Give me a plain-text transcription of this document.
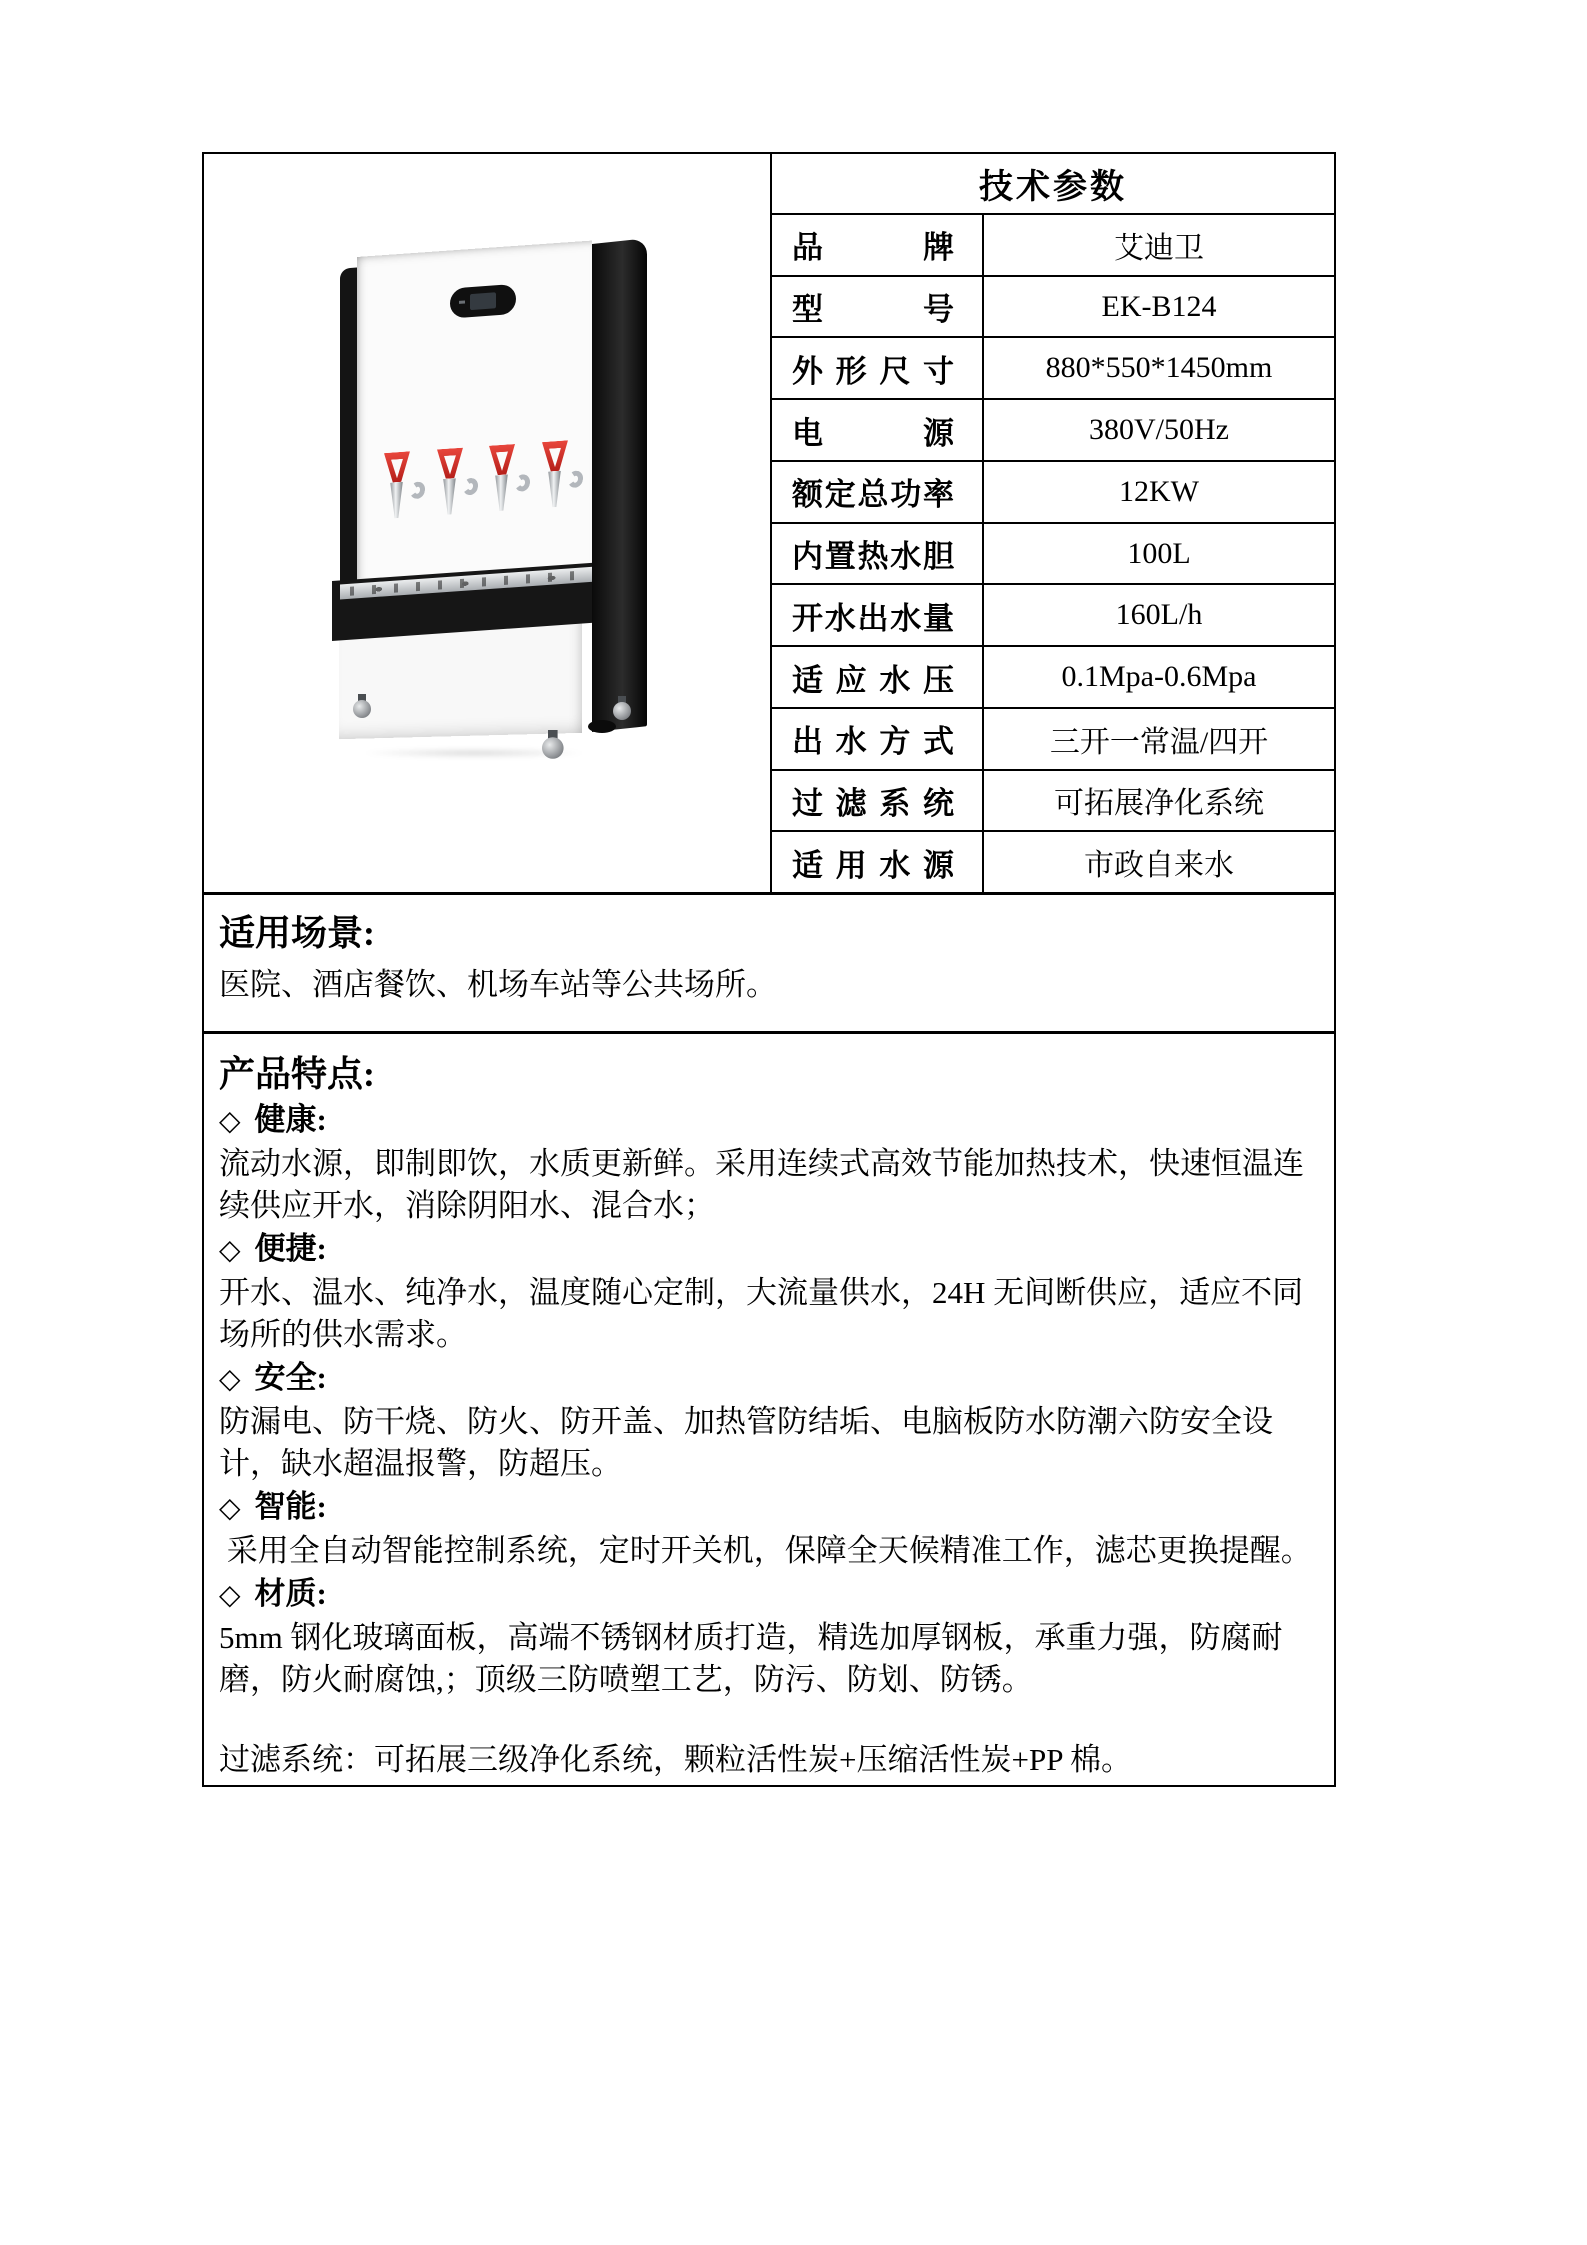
技术参数
品牌	艾迪卫
型号	EK-B124
外形尺寸	880*550*1450mm
电源	380V/50Hz
额定总功率	12KW
内置热水胆	100L
开水出水量	160L/h
适应水压	0.1Mpa-0.6Mpa
出水方式	三开一常温/四开
过滤系统	可拓展净化系统
适用水源	市政自来水
适用场景:
医院、酒店餐饮、机场车站等公共场所。
产品特点:
◇ 健康:
流动水源，即制即饮，水质更新鲜。采用连续式高效节能加热技术，快速恒温连续供应开水，消除阴阳水、混合水；
◇ 便捷:
开水、温水、纯净水，温度随心定制，大流量供水，24H 无间断供应，适应不同场所的供水需求。
◇ 安全:
防漏电、防干烧、防火、防开盖、加热管防结垢、电脑板防水防潮六防安全设计，缺水超温报警，防超压。
◇ 智能:
采用全自动智能控制系统，定时开关机，保障全天候精准工作，滤芯更换提醒。
◇ 材质:
5mm 钢化玻璃面板，高端不锈钢材质打造，精选加厚钢板，承重力强，防腐耐磨，防火耐腐蚀,；顶级三防喷塑工艺，防污、防划、防锈。
过滤系统：可拓展三级净化系统，颗粒活性炭+压缩活性炭+PP 棉。
